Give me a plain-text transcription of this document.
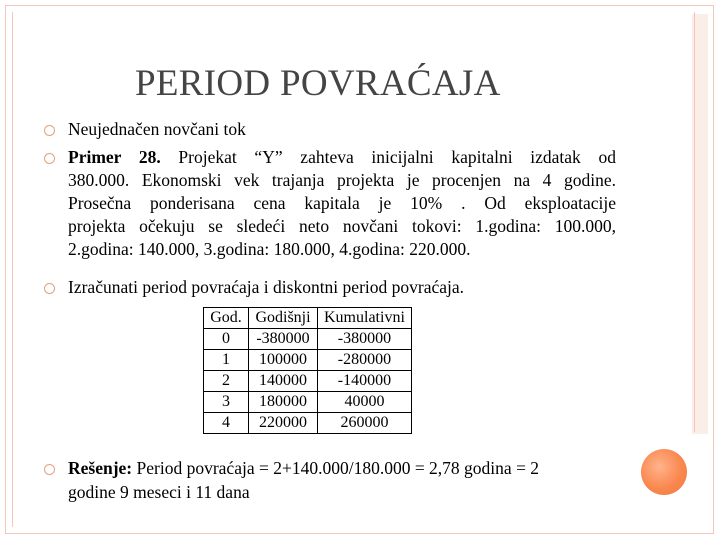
PERIOD POVRAĆAJA
Neujednačen novčani tok
Primer 28. Projekat “Y” zahteva inicijalni kapitalni izdatak od
380.000. Ekonomski vek trajanja projekta je procenjen na 4 godine.
Prosečna ponderisana cena kapitala je 10% . Od eksploatacije
projekta očekuju se sledeći neto novčani tokovi: 1.godina: 100.000,
2.godina: 140.000, 3.godina: 180.000, 4.godina: 220.000.
Izračunati period povraćaja i diskontni period povraćaja.
God.	Godišnji	Kumulativni
0	-380000	-380000
1	100000	-280000
2	140000	-140000
3	180000	40000
4	220000	260000
Rešenje: Period povraćaja = 2+140.000/180.000 = 2,78 godina = 2
godine 9 meseci i 11 dana
